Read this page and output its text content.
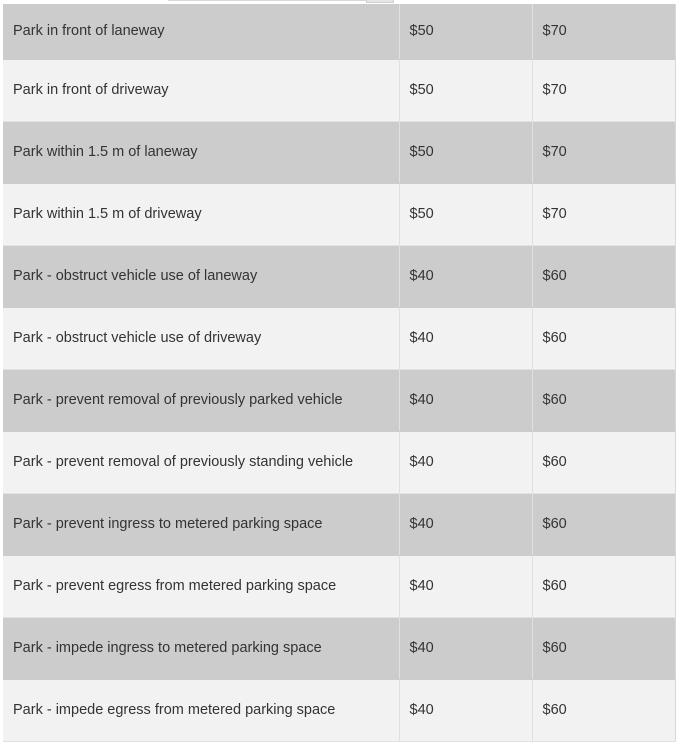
Park in front of laneway	$50	$70
Park in front of driveway	$50	$70
Park within 1.5 m of laneway	$50	$70
Park within 1.5 m of driveway	$50	$70
Park - obstruct vehicle use of laneway	$40	$60
Park - obstruct vehicle use of driveway	$40	$60
Park - prevent removal of previously parked vehicle	$40	$60
Park - prevent removal of previously standing vehicle	$40	$60
Park - prevent ingress to metered parking space	$40	$60
Park - prevent egress from metered parking space	$40	$60
Park - impede ingress to metered parking space	$40	$60
Park - impede egress from metered parking space	$40	$60
